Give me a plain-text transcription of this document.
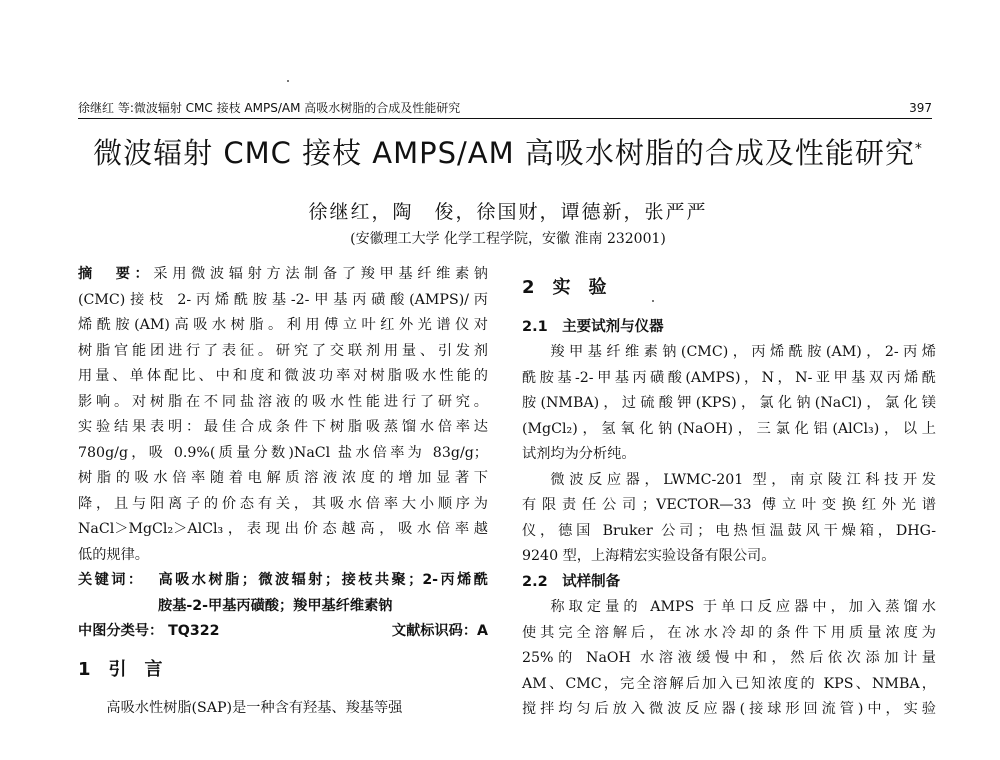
徐继红 等:微波辐射 CMC 接枝 AMPS/AM 高吸水树脂的合成及性能研究	397
微波辐射 CMC 接枝 AMPS/AM 高吸水树脂的合成及性能研究*
徐继红，陶　俊，徐国财，谭德新，张严严
(安徽理工大学 化学工程学院，安徽 淮南 232001)

摘　要：采用微波辐射方法制备了羧甲基纤维素钠

(CMC)接枝 2-丙烯酰胺基-2-甲基丙磺酸(AMPS)/丙

烯酰胺(AM)高吸水树脂。利用傅立叶红外光谱仪对

树脂官能团进行了表征。研究了交联剂用量、引发剂

用量、单体配比、中和度和微波功率对树脂吸水性能的

影响。对树脂在不同盐溶液的吸水性能进行了研究。

实验结果表明：最佳合成条件下树脂吸蒸馏水倍率达

780g/g，吸 0.9%(质量分数)NaCl 盐水倍率为 83g/g；

树脂的吸水倍率随着电解质溶液浓度的增加显著下

降，且与阳离子的价态有关，其吸水倍率大小顺序为

NaCl＞MgCl₂＞AlCl₃，表现出价态越高，吸水倍率越

低的规律。

关键词： 高吸水树脂；微波辐射；接枝共聚；2-丙烯酰

胺基-2-甲基丙磺酸；羧甲基纤维素钠

中图分类号： TQ322	文献标识码：A

1　引　言

高吸水性树脂(SAP)是一种含有羟基、羧基等强

2　实　验

2.1　主要试剂与仪器

羧甲基纤维素钠(CMC)，丙烯酰胺(AM)，2-丙烯

酰胺基-2-甲基丙磺酸(AMPS)，N，N-亚甲基双丙烯酰

胺(NMBA)，过硫酸钾(KPS)，氯化钠(NaCl)，氯化镁

(MgCl₂)，氢氧化钠(NaOH)，三氯化铝(AlCl₃)，以上

试剂均为分析纯。

微波反应器，LWMC-201 型，南京陵江科技开发

有限责任公司；VECTOR—33 傅立叶变换红外光谱

仪，德国 Bruker 公司；电热恒温鼓风干燥箱，DHG-

9240 型，上海精宏实验设备有限公司。

2.2　试样制备

称取定量的 AMPS 于单口反应器中，加入蒸馏水

使其完全溶解后，在冰水冷却的条件下用质量浓度为

25%的 NaOH 水溶液缓慢中和，然后依次添加计量

AM、CMC，完全溶解后加入已知浓度的 KPS、NMBA，

搅拌均匀后放入微波反应器(接球形回流管)中，实验
